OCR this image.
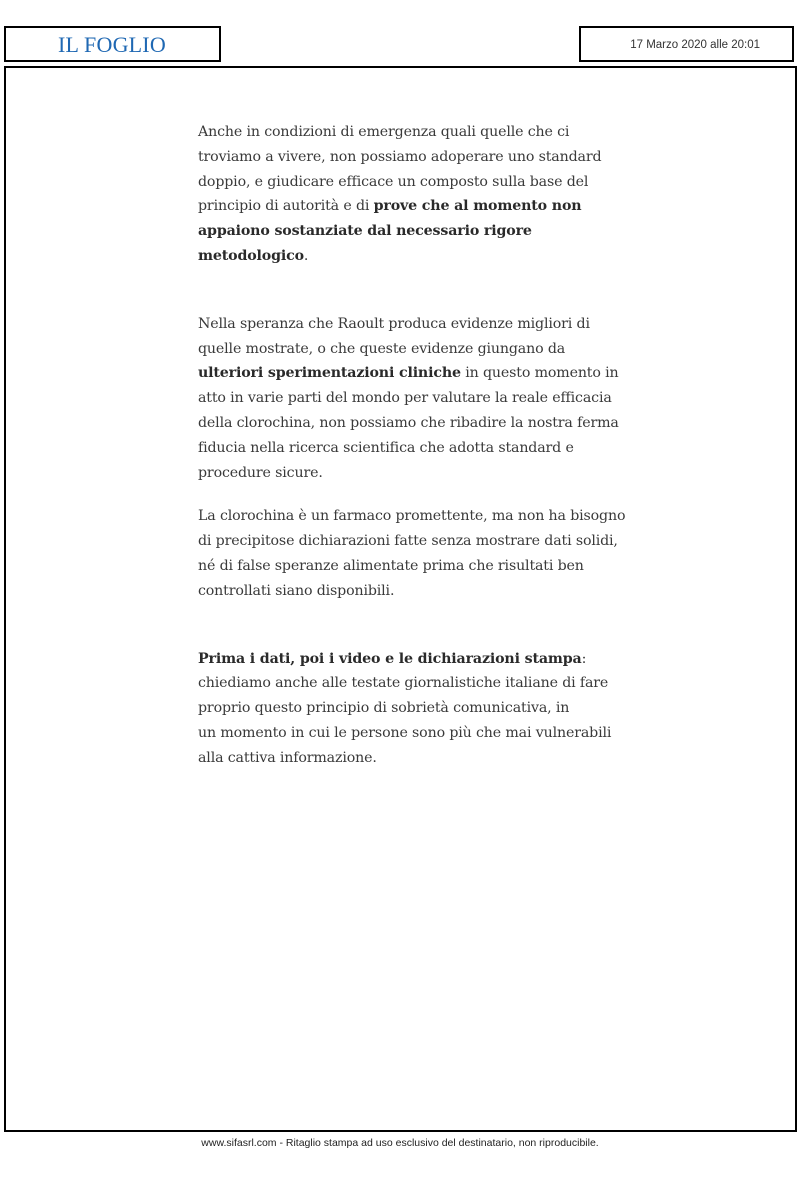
IL FOGLIO	17 Marzo 2020 alle 20:01

Anche in condizioni di emergenza quali quelle che ci
troviamo a vivere, non possiamo adoperare uno standard
doppio, e giudicare efficace un composto sulla base del
principio di autorità e di prove che al momento non
appaiono sostanziate dal necessario rigore
metodologico.

Nella speranza che Raoult produca evidenze migliori di
quelle mostrate, o che queste evidenze giungano da
ulteriori sperimentazioni cliniche in questo momento in
atto in varie parti del mondo per valutare la reale efficacia
della clorochina, non possiamo che ribadire la nostra ferma
fiducia nella ricerca scientifica che adotta standard e
procedure sicure.

La clorochina è un farmaco promettente, ma non ha bisogno
di precipitose dichiarazioni fatte senza mostrare dati solidi,
né di false speranze alimentate prima che risultati ben
controllati siano disponibili.

Prima i dati, poi i video e le dichiarazioni stampa:
chiediamo anche alle testate giornalistiche italiane di fare
proprio questo principio di sobrietà comunicativa, in
un momento in cui le persone sono più che mai vulnerabili
alla cattiva informazione.

www.sifasrl.com - Ritaglio stampa ad uso esclusivo del destinatario, non riproducibile.
